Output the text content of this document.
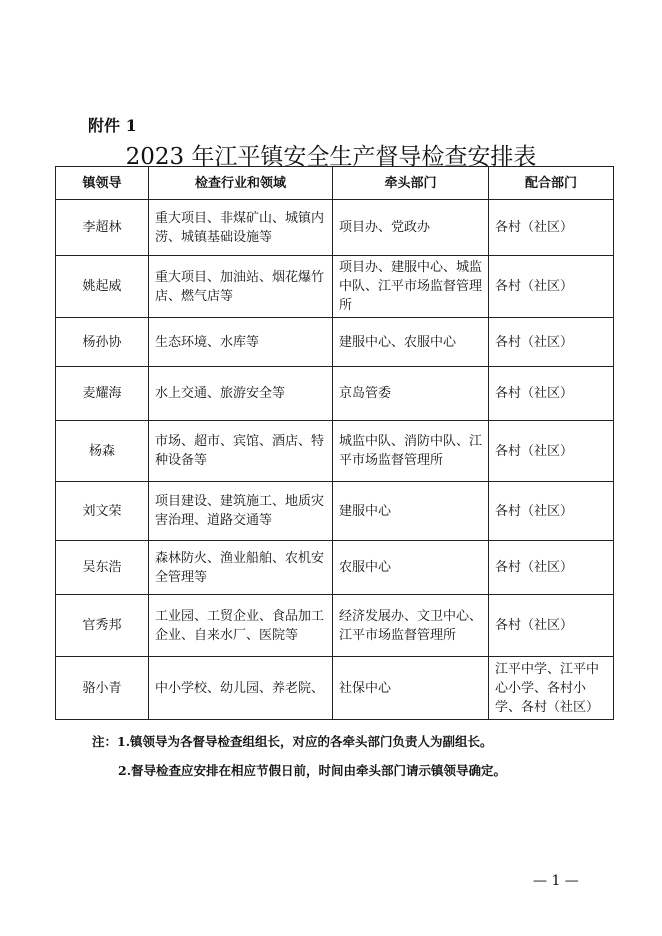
附件 1
2023 年江平镇安全生产督导检查安排表
镇领导	检查行业和领域	牵头部门	配合部门
李超林	重大项目、非煤矿山、城镇内涝、城镇基础设施等	项目办、党政办	各村（社区）
姚起威	重大项目、加油站、烟花爆竹店、燃气店等	项目办、建服中心、城监中队、江平市场监督管理所	各村（社区）
杨孙协	生态环境、水库等	建服中心、农服中心	各村（社区）
麦耀海	水上交通、旅游安全等	京岛管委	各村（社区）
杨森	市场、超市、宾馆、酒店、特种设备等	城监中队、消防中队、江平市场监督管理所	各村（社区）
刘文荣	项目建设、建筑施工、地质灾害治理、道路交通等	建服中心	各村（社区）
吴东浩	森林防火、渔业船舶、农机安全管理等	农服中心	各村（社区）
官秀邦	工业园、工贸企业、食品加工企业、自来水厂、医院等	经济发展办、文卫中心、江平市场监督管理所	各村（社区）
骆小青	中小学校、幼儿园、养老院、	社保中心	江平中学、江平中心小学、各村小学、各村（社区）
注：1.镇领导为各督导检查组组长，对应的各牵头部门负责人为副组长。
2.督导检查应安排在相应节假日前，时间由牵头部门请示镇领导确定。
— 1 —
